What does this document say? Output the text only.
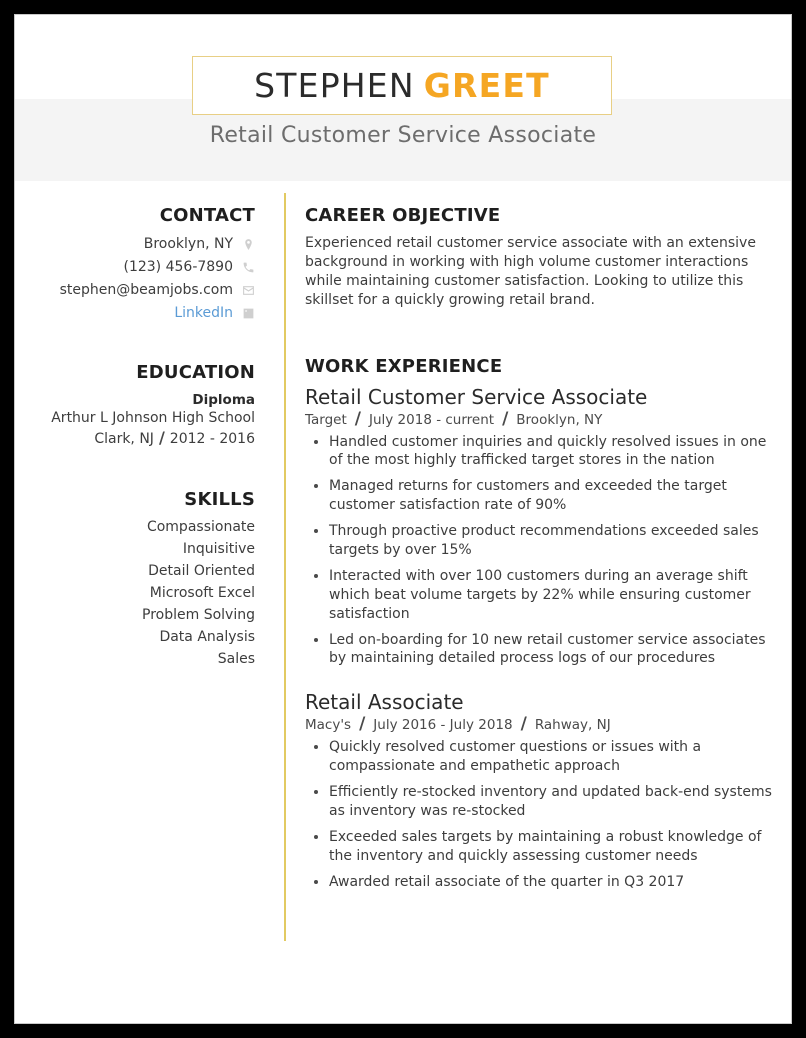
STEPHEN GREET
Retail Customer Service Associate
CONTACT
Brooklyn, NY
(123) 456-7890
stephen@beamjobs.com
LinkedIn
EDUCATION
Diploma
Arthur L Johnson High School
Clark, NJ / 2012 - 2016
SKILLS
Compassionate
Inquisitive
Detail Oriented
Microsoft Excel
Problem Solving
Data Analysis
Sales
CAREER OBJECTIVE
Experienced retail customer service associate with an extensive background in working with high volume customer interactions while maintaining customer satisfaction. Looking to utilize this skillset for a quickly growing retail brand.
WORK EXPERIENCE
Retail Customer Service Associate
Target / July 2018 - current / Brooklyn, NY
Handled customer inquiries and quickly resolved issues in one of the most highly trafficked target stores in the nation
Managed returns for customers and exceeded the target customer satisfaction rate of 90%
Through proactive product recommendations exceeded sales targets by over 15%
Interacted with over 100 customers during an average shift which beat volume targets by 22% while ensuring customer satisfaction
Led on-boarding for 10 new retail customer service associates by maintaining detailed process logs of our procedures
Retail Associate
Macy's / July 2016 - July 2018 / Rahway, NJ
Quickly resolved customer questions or issues with a compassionate and empathetic approach
Efficiently re-stocked inventory and updated back-end systems as inventory was re-stocked
Exceeded sales targets by maintaining a robust knowledge of the inventory and quickly assessing customer needs
Awarded retail associate of the quarter in Q3 2017
